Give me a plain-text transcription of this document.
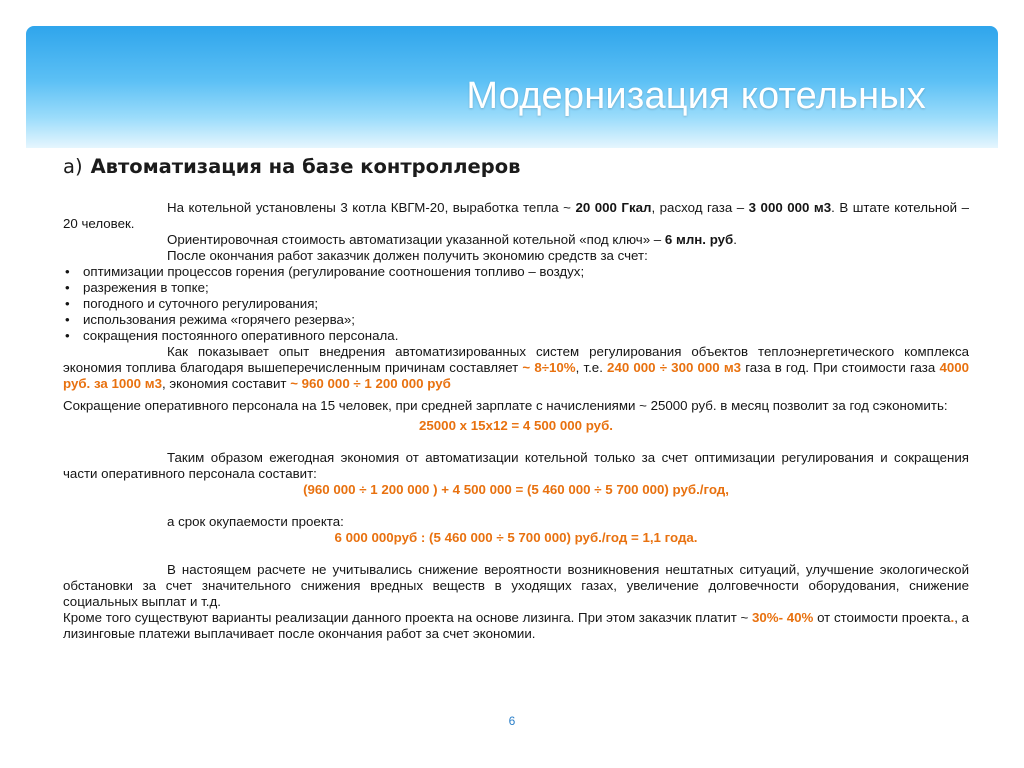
Модернизация котельных
а) Автоматизация на базе контроллеров

На котельной установлены 3 котла КВГМ-20, выработка тепла ~ 20 000 Гкал, расход газа – 3 000 000 м3. В штате котельной – 20 человек.

Ориентировочная стоимость автоматизации указанной котельной «под ключ» – 6 млн. руб.

После окончания работ заказчик должен получить экономию средств за счет:

• оптимизации процессов горения (регулирование соотношения топливо – воздух;
• разрежения в топке;
• погодного и суточного регулирования;
• использования режима «горячего резерва»;
• сокращения постоянного оперативного персонала.

Как показывает опыт внедрения автоматизированных систем регулирования объектов теплоэнергетического комплекса экономия топлива благодаря вышеперечисленным причинам составляет ~ 8÷10%, т.е. 240 000 ÷ 300 000 м3 газа в год. При стоимости газа 4000 руб. за 1000 м3, экономия составит ~ 960 000 ÷ 1 200 000 руб

Сокращение оперативного персонала на 15 человек, при средней зарплате с начислениями ~ 25000 руб. в месяц позволит за год сэкономить:

25000 х 15х12 = 4 500 000 руб.

Таким образом ежегодная экономия от автоматизации котельной только за счет оптимизации регулирования и сокращения части оперативного персонала составит:

(960 000 ÷ 1 200 000 ) + 4 500 000 = (5 460 000 ÷ 5 700 000) руб./год,

а срок окупаемости проекта:

6 000 000руб : (5 460 000 ÷ 5 700 000) руб./год = 1,1 года.

В настоящем расчете не учитывались снижение вероятности возникновения нештатных ситуаций, улучшение экологической обстановки за счет значительного снижения вредных веществ в уходящих газах, увеличение долговечности оборудования, снижение социальных выплат и т.д.

Кроме того существуют варианты реализации данного проекта на основе лизинга. При этом заказчик платит ~ 30%- 40% от стоимости проекта., а лизинговые платежи выплачивает после окончания работ за счет экономии.

6
